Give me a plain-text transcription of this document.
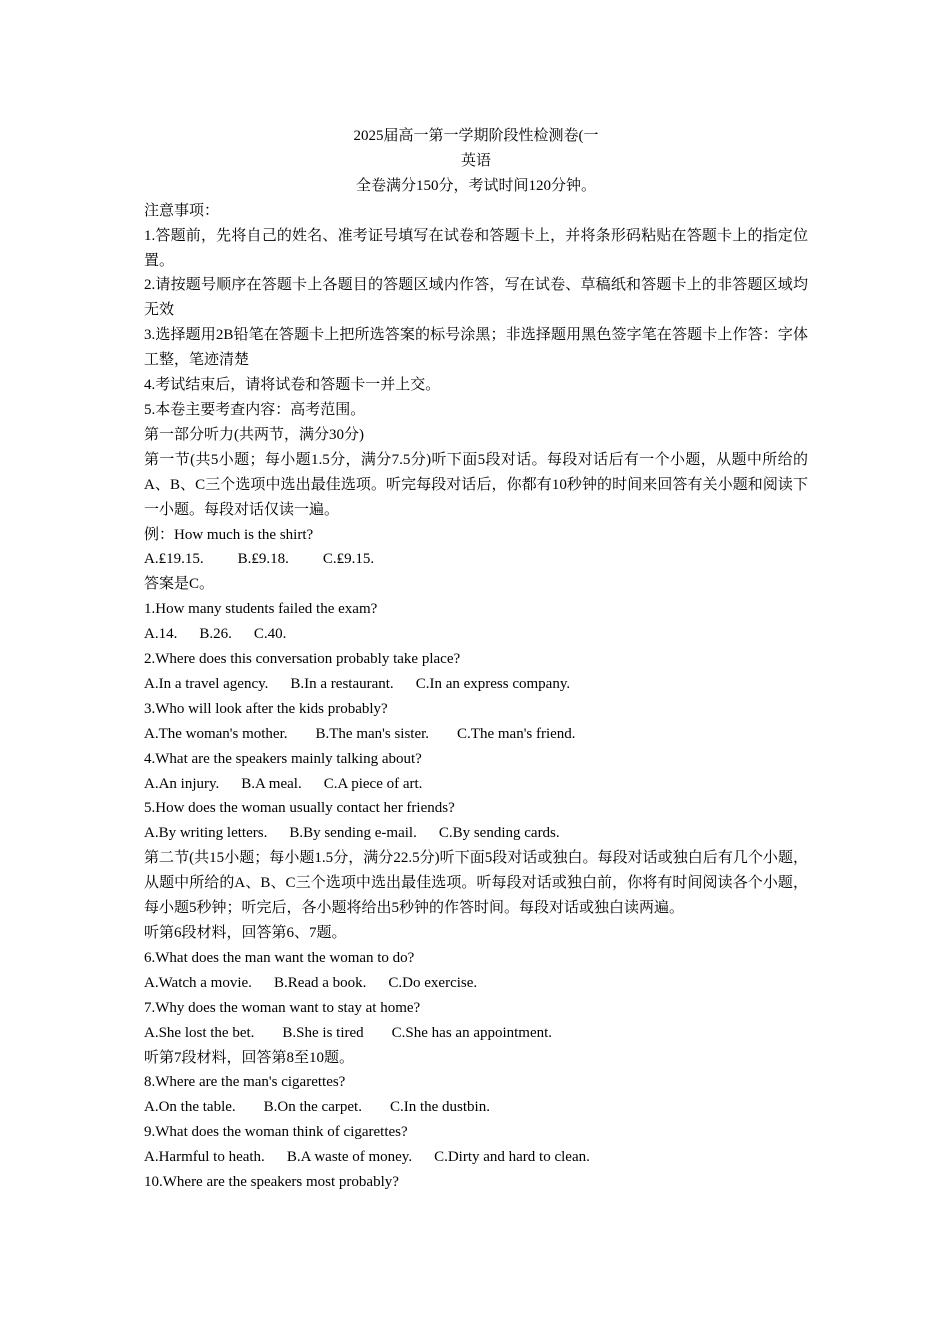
2025届高一第一学期阶段性检测卷(一
英语
全卷满分150分，考试时间120分钟。
注意事项：
1.答题前，先将自己的姓名、准考证号填写在试卷和答题卡上，并将条形码粘贴在答题卡上的指定位置。
2.请按题号顺序在答题卡上各题目的答题区域内作答，写在试卷、草稿纸和答题卡上的非答题区域均无效
3.选择题用2B铅笔在答题卡上把所选答案的标号涂黑；非选择题用黑色签字笔在答题卡上作答：字体工整，笔迹清楚
4.考试结束后，请将试卷和答题卡一并上交。
5.本卷主要考查内容：高考范围。
第一部分听力(共两节，满分30分)
第一节(共5小题；每小题1.5分，满分7.5分)听下面5段对话。每段对话后有一个小题，从题中所给的A、B、C三个选项中选出最佳选项。听完每段对话后，你都有10秒钟的时间来回答有关小题和阅读下一小题。每段对话仅读一遍。
例：How much is the shirt?
A.₤19.15. B.₤9.18. C.₤9.15.
答案是C。
1.How many students failed the exam?
A.14. B.26. C.40.
2.Where does this conversation probably take place?
A.In a travel agency. B.In a restaurant. C.In an express company.
3.Who will look after the kids probably?
A.The woman's mother. B.The man's sister. C.The man's friend.
4.What are the speakers mainly talking about?
A.An injury. B.A meal. C.A piece of art.
5.How does the woman usually contact her friends?
A.By writing letters. B.By sending e-mail. C.By sending cards.
第二节(共15小题；每小题1.5分，满分22.5分)听下面5段对话或独白。每段对话或独白后有几个小题，从题中所给的A、B、C三个选项中选出最佳选项。听每段对话或独白前，你将有时间阅读各个小题，每小题5秒钟；听完后，各小题将给出5秒钟的作答时间。每段对话或独白读两遍。
听第6段材料，回答第6、7题。
6.What does the man want the woman to do?
A.Watch a movie. B.Read a book. C.Do exercise.
7.Why does the woman want to stay at home?
A.She lost the bet. B.She is tired C.She has an appointment.
听第7段材料，回答第8至10题。
8.Where are the man's cigarettes?
A.On the table. B.On the carpet. C.In the dustbin.
9.What does the woman think of cigarettes?
A.Harmful to heath. B.A waste of money. C.Dirty and hard to clean.
10.Where are the speakers most probably?
